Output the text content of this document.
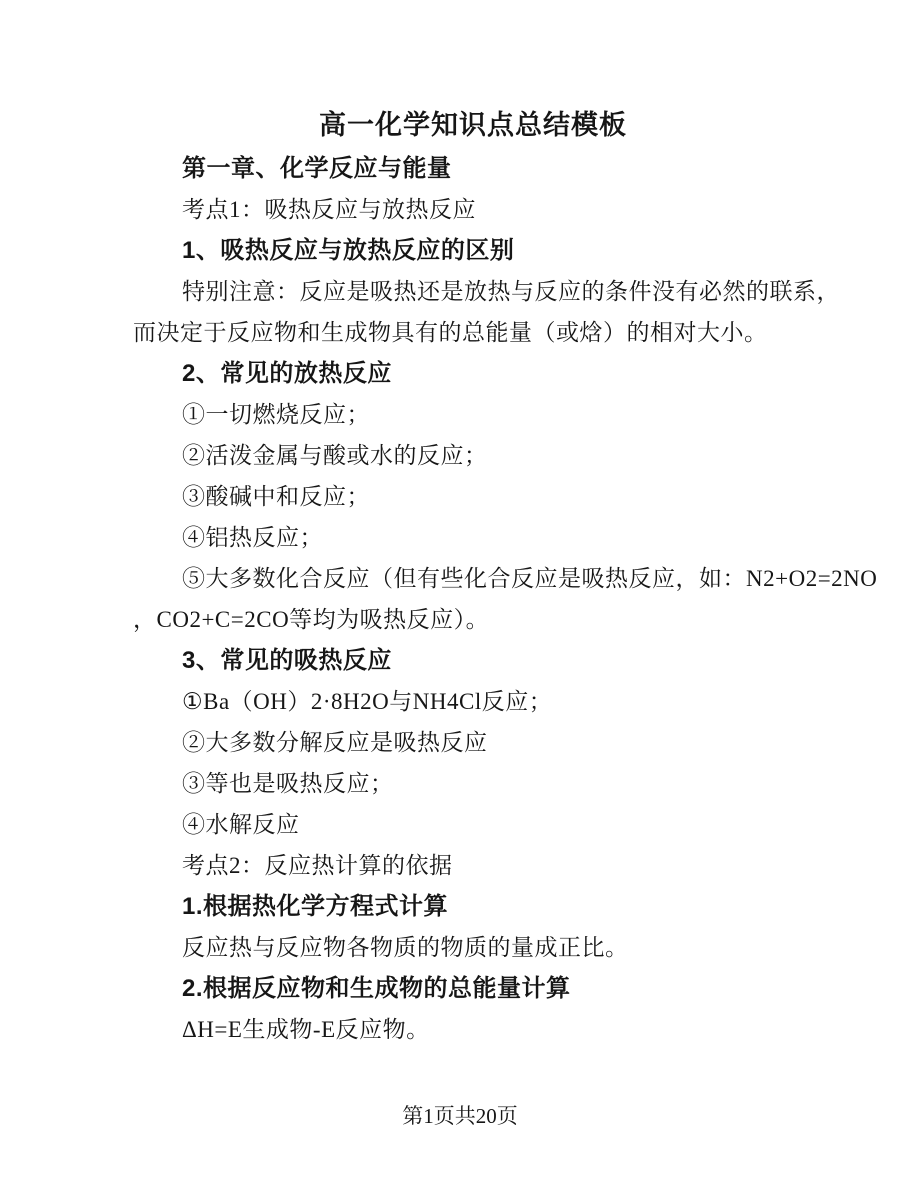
高一化学知识点总结模板
第一章、化学反应与能量
考点1：吸热反应与放热反应
1、吸热反应与放热反应的区别
特别注意：反应是吸热还是放热与反应的条件没有必然的联系，
而决定于反应物和生成物具有的总能量（或焓）的相对大小。
2、常见的放热反应
①一切燃烧反应；
②活泼金属与酸或水的反应；
③酸碱中和反应；
④铝热反应；
⑤大多数化合反应（但有些化合反应是吸热反应，如：N2+O2=2NO
，CO2+C=2CO等均为吸热反应）。
3、常见的吸热反应
①Ba（OH）2·8H2O与NH4Cl反应；
②大多数分解反应是吸热反应
③等也是吸热反应；
④水解反应
考点2：反应热计算的依据
1.根据热化学方程式计算
反应热与反应物各物质的物质的量成正比。
2.根据反应物和生成物的总能量计算
ΔH=E生成物-E反应物。
第1页共20页
